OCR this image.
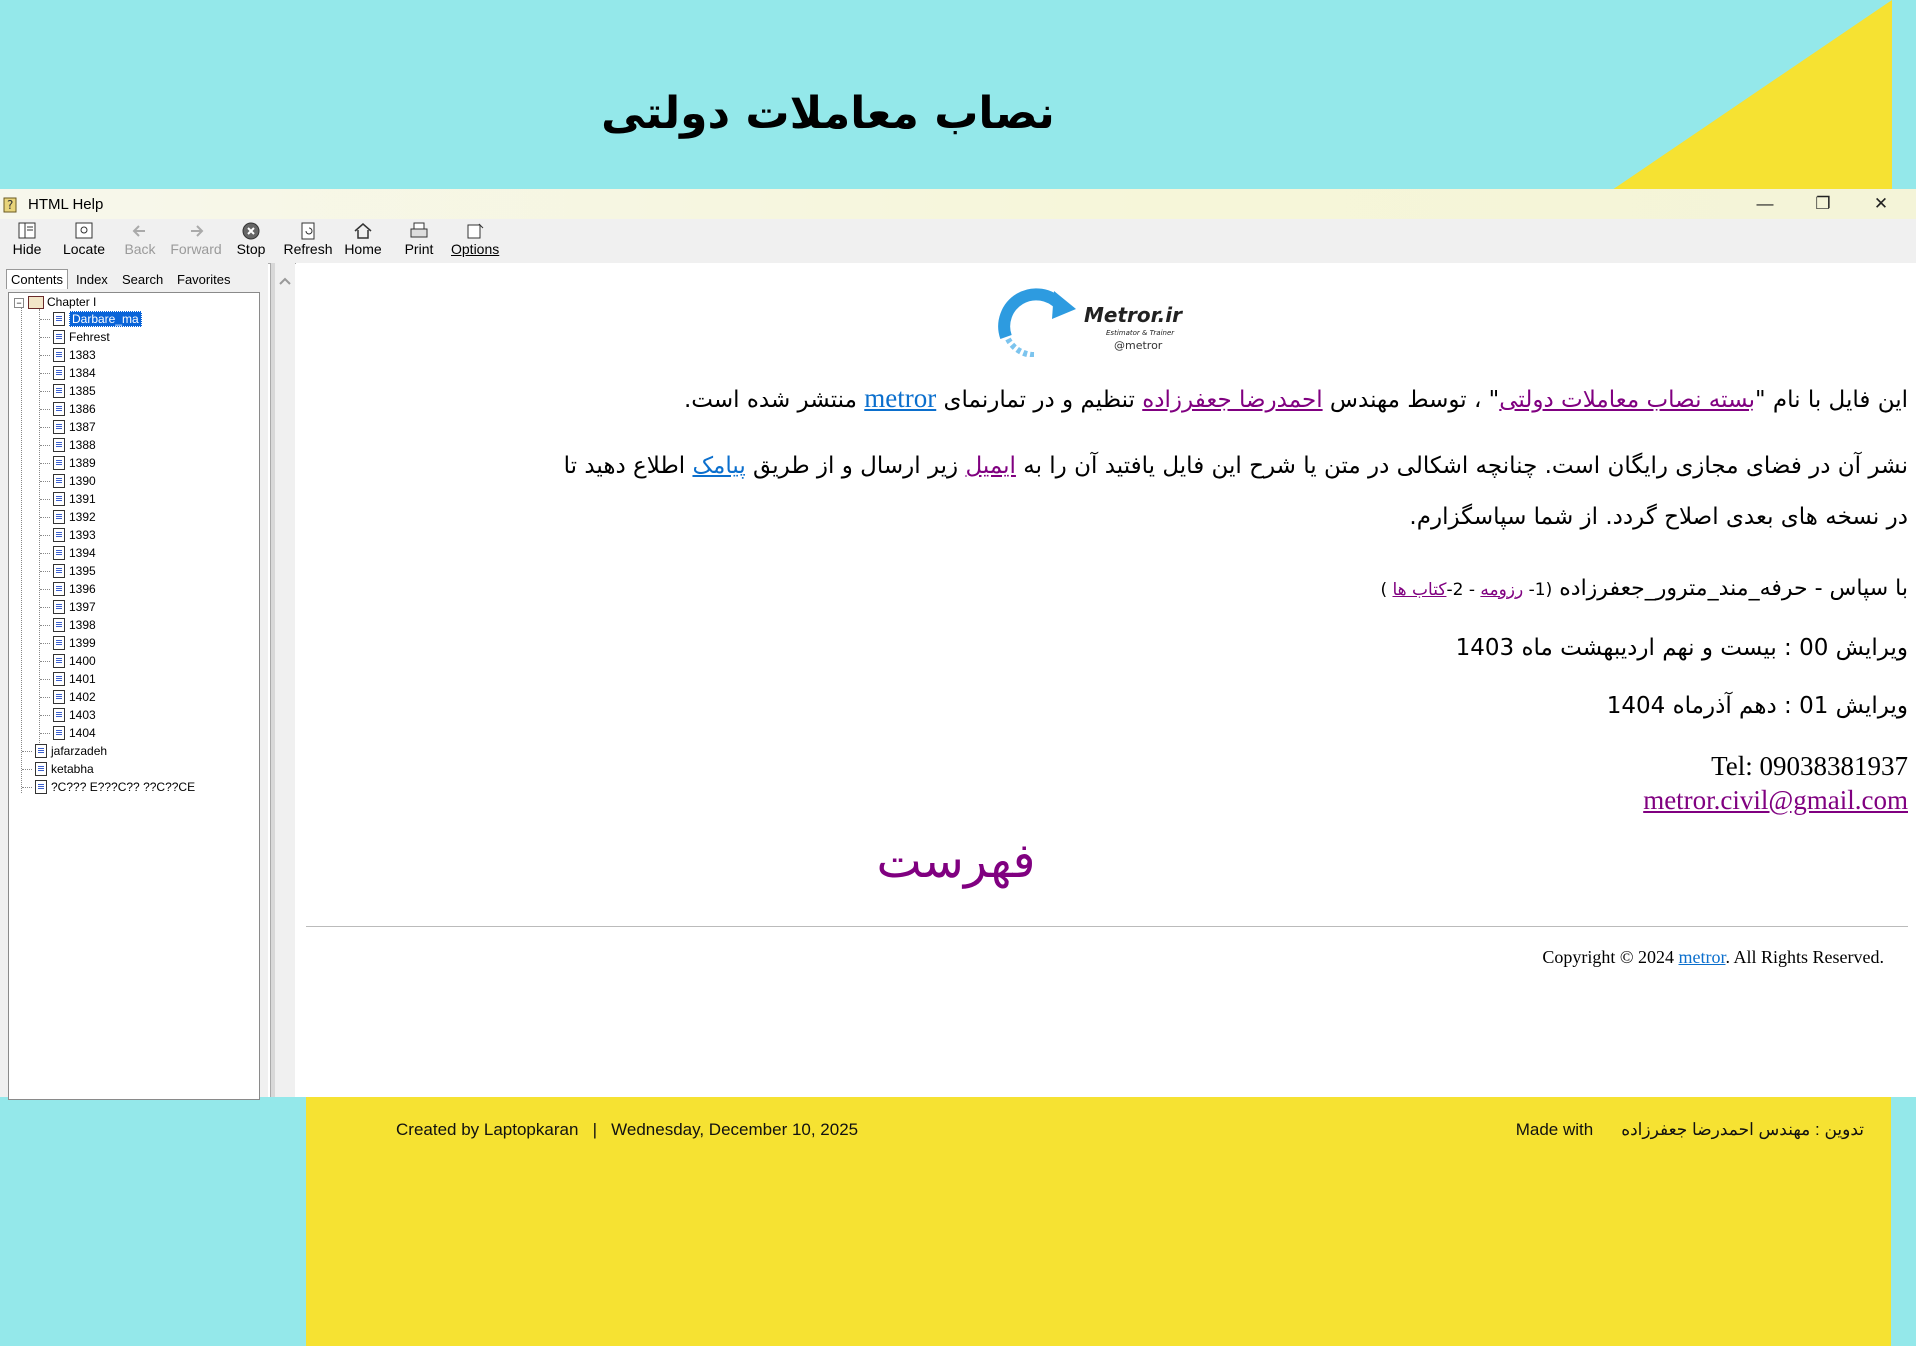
نصاب معاملات دولتی
? HTML Help	—	❐	✕
Hide Locate Back Forward Stop Refresh Home Print Options
Contents Index Search Favorites
− Chapter I
Darbare_ma
Fehrest
1383
1384
1385
1386
1387
1388
1389
1390
1391
1392
1393
1394
1395
1396
1397
1398
1399
1400
1401
1402
1403
1404
jafarzadeh
ketabha
?C??? E???C?? ??C??CE
Metror.ir
Estimator & Trainer
@metror
این فایل با نام "بسته نصاب معاملات دولتی" ، توسط مهندس احمدرضا جعفرزاده تنظیم و در تمارنمای metror منتشر شده است.
نشر آن در فضای مجازی رایگان است. چنانچه اشکالی در متن یا شرح این فایل یافتید آن را به ایمیل زیر ارسال و از طریق پیامک اطلاع دهید تا در نسخه های بعدی اصلاح گردد. از شما سپاسگزارم.
با سپاس - حرفه_مند_مترور_جعفرزاده (1- رزومه - 2-کتاب ها )
ویرایش 00 : بیست و نهم اردیبهشت ماه 1403
ویرایش 01 : دهم آذرماه 1404
Tel: 09038381937
metror.civil@gmail.com
فهرست
Copyright © 2024 metror. All Rights Reserved.
Created by Laptopkaran   |   Wednesday, December 10, 2025	Made with تدوین : مهندس احمدرضا جعفرزاده
